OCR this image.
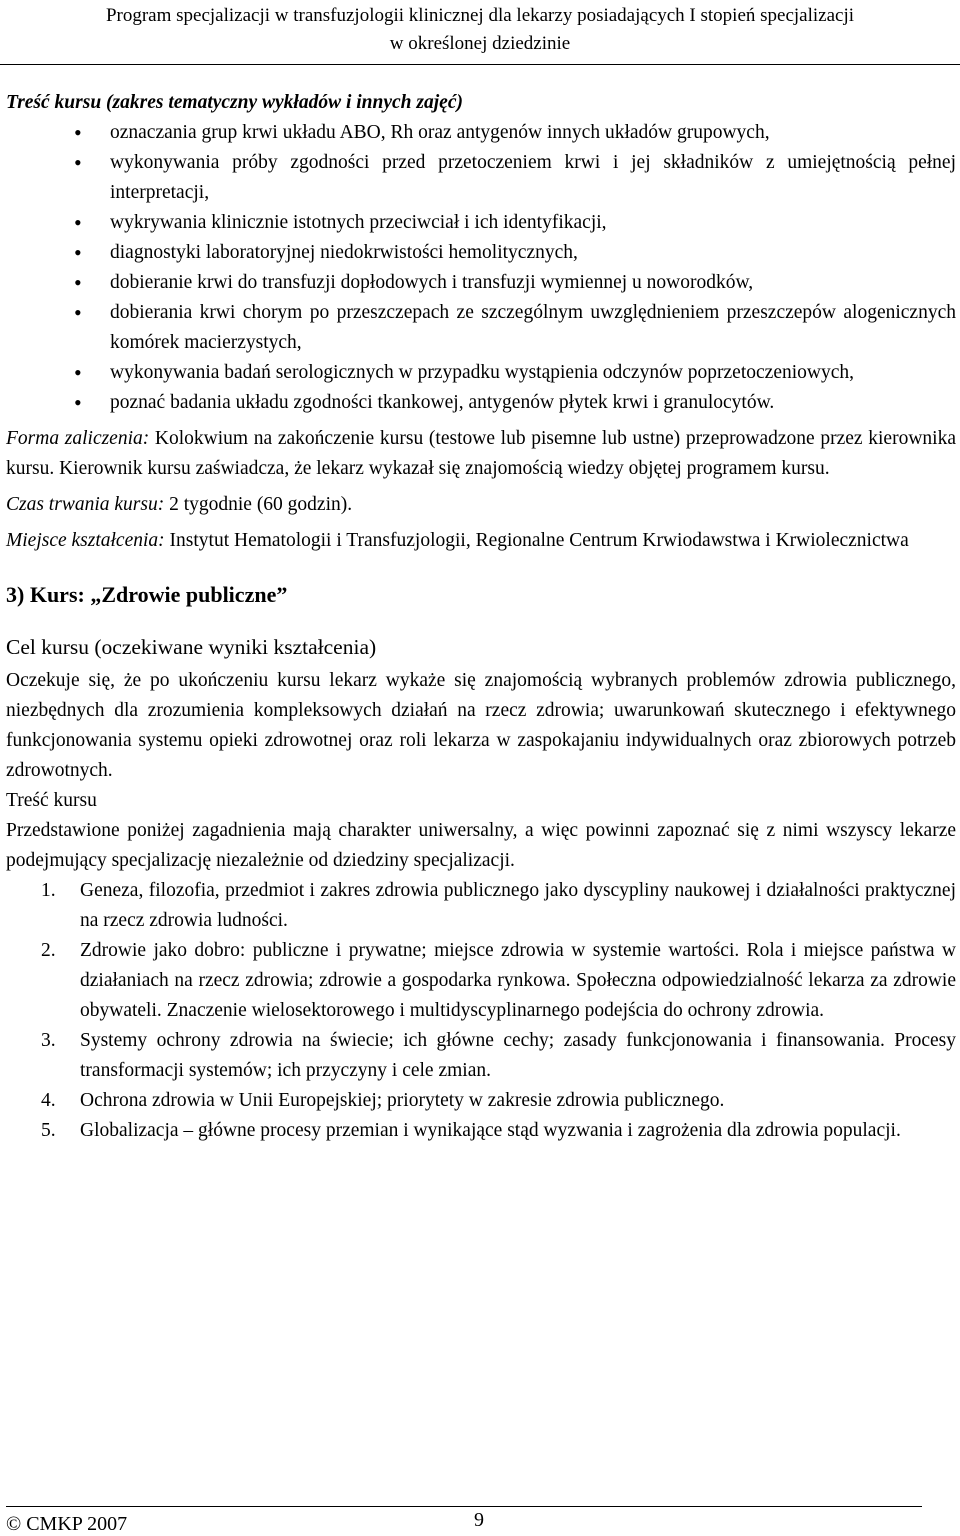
Program specjalizacji w transfuzjologii klinicznej dla lekarzy posiadających I stopień specjalizacji
w określonej dziedzinie

Treść kursu (zakres tematyczny wykładów i innych zajęć)

• oznaczania grup krwi układu ABO, Rh oraz antygenów innych układów grupowych,
• wykonywania próby zgodności przed przetoczeniem krwi i jej składników z umiejętnością pełnej interpretacji,
• wykrywania klinicznie istotnych przeciwciał i ich identyfikacji,
• diagnostyki laboratoryjnej niedokrwistości hemolitycznych,
• dobieranie krwi do transfuzji dopłodowych i transfuzji wymiennej u noworodków,
• dobierania krwi chorym po przeszczepach ze szczególnym uwzględnieniem przeszczepów alogenicznych komórek macierzystych,
• wykonywania badań serologicznych w przypadku wystąpienia odczynów poprzetoczeniowych,
• poznać badania układu zgodności tkankowej, antygenów płytek krwi i granulocytów.

Forma zaliczenia: Kolokwium na zakończenie kursu (testowe lub pisemne lub ustne) przeprowadzone przez kierownika kursu. Kierownik kursu zaświadcza, że lekarz wykazał się znajomością wiedzy objętej programem kursu.

Czas trwania kursu: 2 tygodnie (60 godzin).

Miejsce kształcenia: Instytut Hematologii i Transfuzjologii, Regionalne Centrum Krwiodawstwa i Krwiolecznictwa

3) Kurs: „Zdrowie publiczne”

Cel kursu (oczekiwane wyniki kształcenia)

Oczekuje się, że po ukończeniu kursu lekarz wykaże się znajomością wybranych problemów zdrowia publicznego, niezbędnych dla zrozumienia kompleksowych działań na rzecz zdrowia; uwarunkowań skutecznego i efektywnego funkcjonowania systemu opieki zdrowotnej oraz roli lekarza w zaspokajaniu indywidualnych oraz zbiorowych potrzeb zdrowotnych.

Treść kursu

Przedstawione poniżej zagadnienia mają charakter uniwersalny, a więc powinni zapoznać się z nimi wszyscy lekarze podejmujący specjalizację niezależnie od dziedziny specjalizacji.

1. Geneza, filozofia, przedmiot i zakres zdrowia publicznego jako dyscypliny naukowej i działalności praktycznej na rzecz zdrowia ludności.
2. Zdrowie jako dobro: publiczne i prywatne; miejsce zdrowia w systemie wartości. Rola i miejsce państwa w działaniach na rzecz zdrowia; zdrowie a gospodarka rynkowa. Społeczna odpowiedzialność lekarza za zdrowie obywateli. Znaczenie wielosektorowego i multidyscyplinarnego podejścia do ochrony zdrowia.
3. Systemy ochrony zdrowia na świecie; ich główne cechy; zasady funkcjonowania i finansowania. Procesy transformacji systemów; ich przyczyny i cele zmian.
4. Ochrona zdrowia w Unii Europejskiej; priorytety w zakresie zdrowia publicznego.
5. Globalizacja – główne procesy przemian i wynikające stąd wyzwania i zagrożenia dla zdrowia populacji.
© CMKP 2007	9
